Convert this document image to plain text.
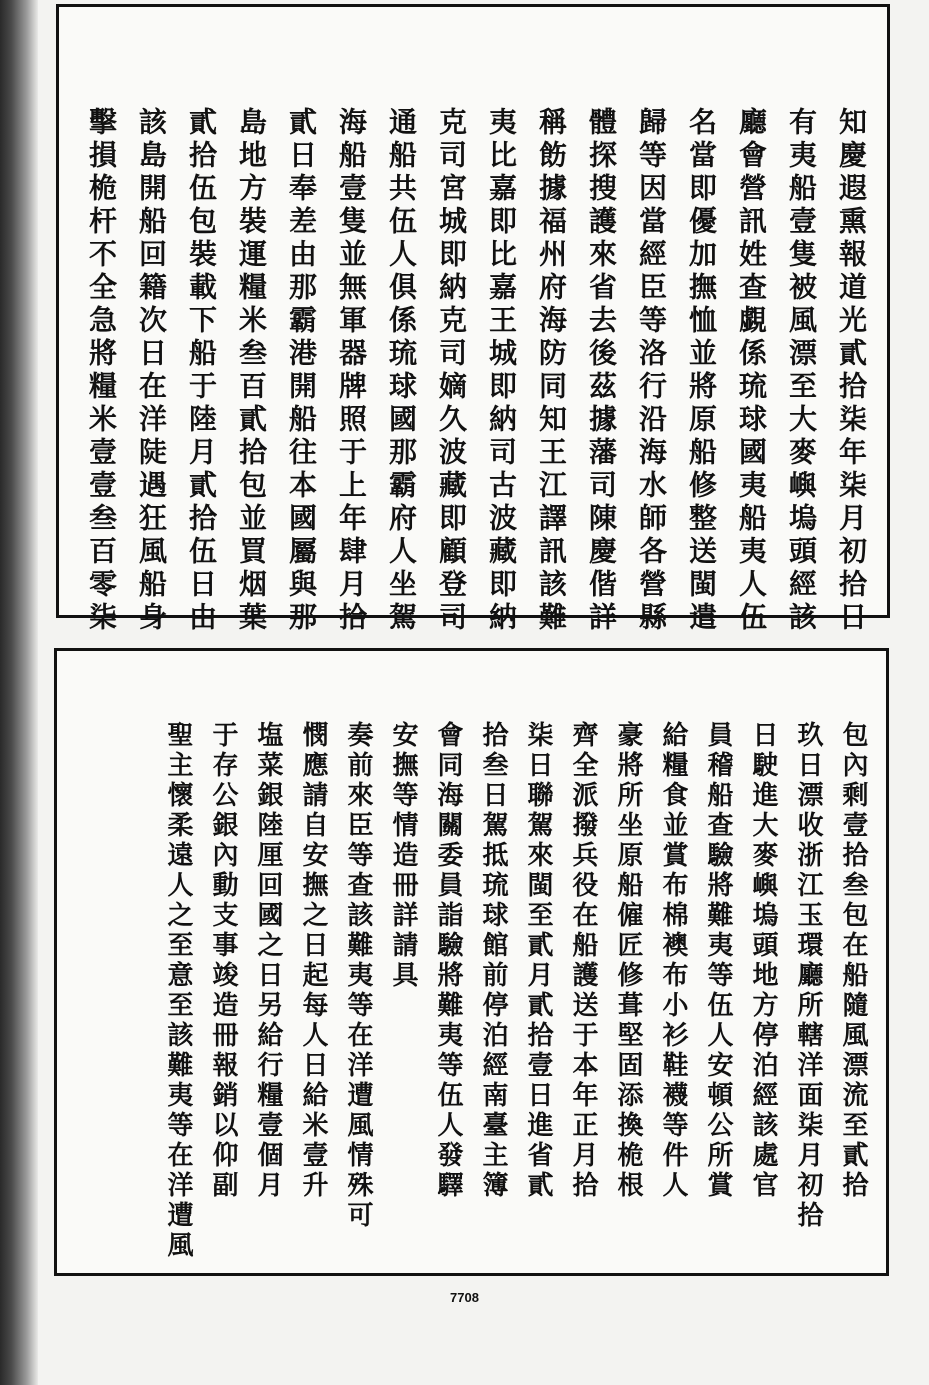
知慶遐熏報道光貳拾柒年柒月初拾日
有夷船壹隻被風漂至大麥嶼塢頭經該
廳會營訊姓查覷係琉球國夷船夷人伍
名當即優加撫恤並將原船修整送閩遣
歸等因當經臣等洛行沿海水師各營縣
體探搜護來省去後茲據藩司陳慶偕詳
稱飭據福州府海防同知王江譯訊該難
夷比嘉即比嘉王城即納司古波藏即納
克司宮城即納克司嫡久波藏即顧登司
通船共伍人俱係琉球國那霸府人坐駕
海船壹隻並無軍器牌照于上年肆月拾
貳日奉差由那霸港開船往本國屬與那
島地方裝運糧米叁百貳拾包並買烟葉
貳拾伍包裝載下船于陸月貳拾伍日由
該島開船回籍次日在洋陡遇狂風船身
擊損桅杆不全急將糧米壹壹叁百零柒
包內剩壹拾叁包在船隨風漂流至貳拾
玖日漂收浙江玉環廳所轄洋面柒月初拾
日駛進大麥嶼塢頭地方停泊經該處官
員稽船查驗將難夷等伍人安頓公所賞
給糧食並賞布棉襖布小衫鞋襪等件人
豪將所坐原船僱匠修葺堅固添換桅根
齊全派撥兵役在船護送于本年正月拾
柒日聯駕來閩至貳月貳拾壹日進省貳
拾叁日駕抵琉球館前停泊經南臺主簿
會同海關委員詣驗將難夷等伍人發驛
安撫等情造冊詳請具
奏前來臣等查該難夷等在洋遭風情殊可
憫應請自安撫之日起每人日給米壹升
塩菜銀陸厘回國之日另給行糧壹個月
于存公銀內動支事竣造冊報銷以仰副
聖主懷柔遠人之至意至該難夷等在洋遭風
7708
